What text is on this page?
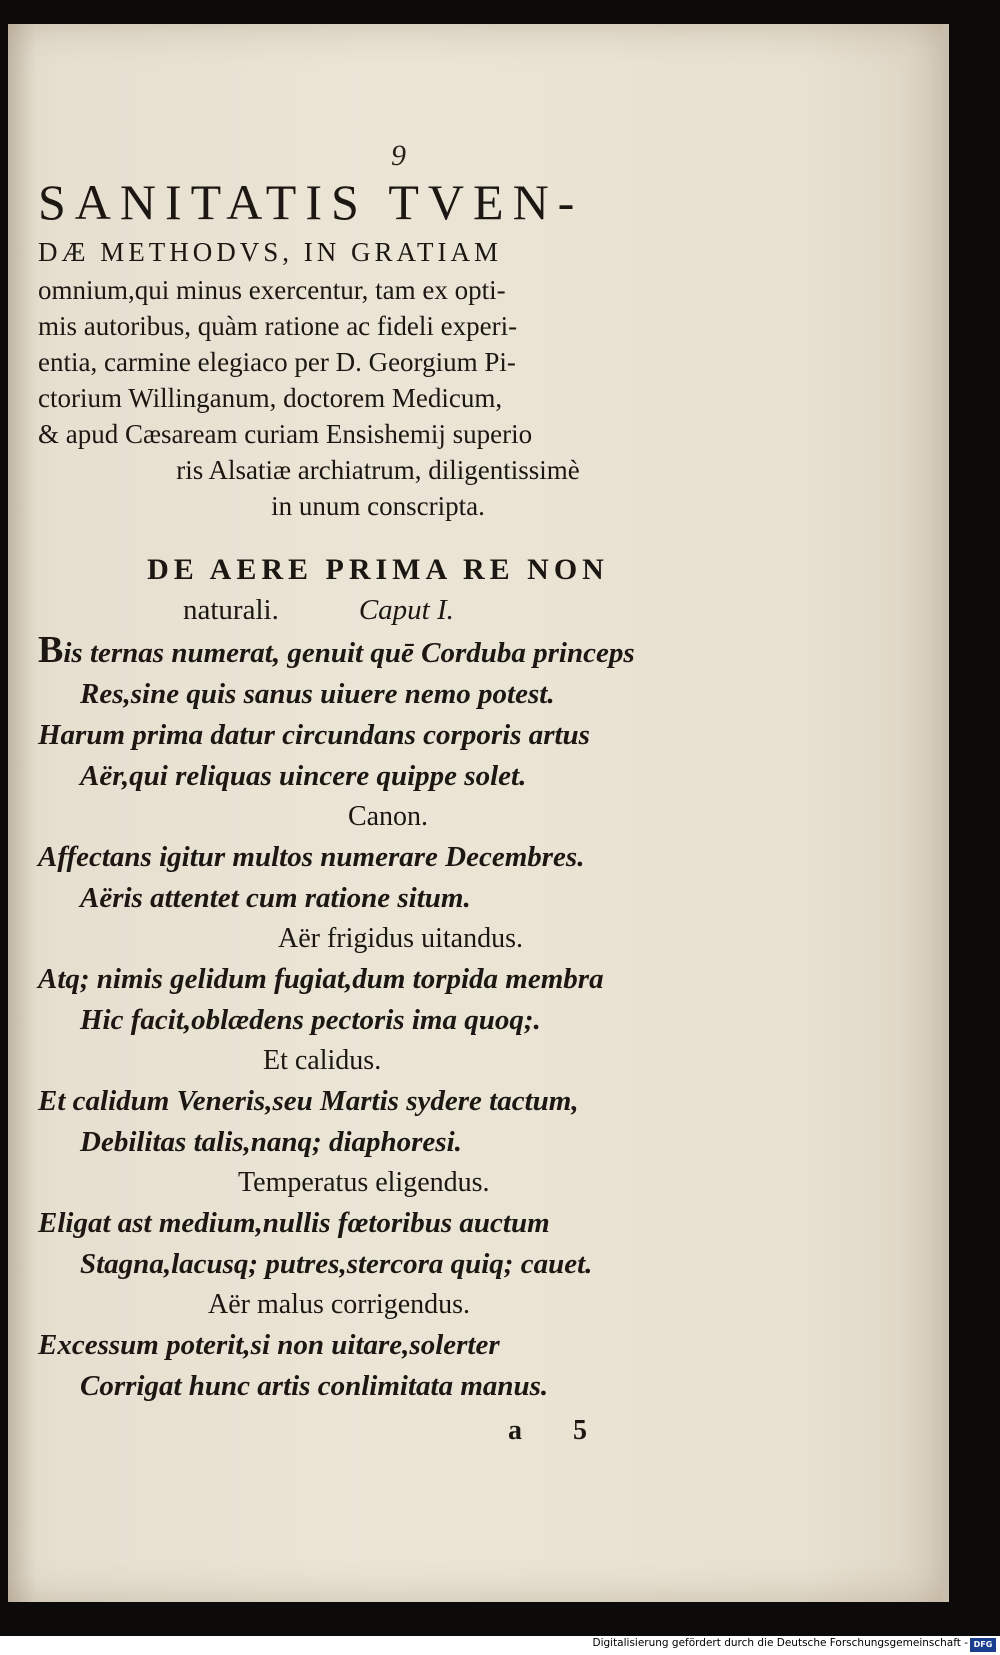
9
SANITATIS TVEN-
DÆ METHODVS, IN GRATIAM
omnium,qui minus exercentur, tam ex opti-
mis autoribus, quàm ratione ac fideli experi-
entia, carmine elegiaco per D. Georgium Pi-
ctorium Willinganum, doctorem Medicum,
& apud Cæsaream curiam Ensishemij superio
ris Alsatiæ archiatrum, diligentissimè
in unum conscripta.
DE AERE PRIMA RE NON
naturali.	Caput I.
Bis ternas numerat, genuit quē Corduba princeps
Res,sine quis sanus uiuere nemo potest.
Harum prima datur circundans corporis artus
Aër,qui reliquas uincere quippe solet.
Canon.
Affectans igitur multos numerare Decembres.
Aëris attentet cum ratione situm.
Aër frigidus uitandus.
Atq; nimis gelidum fugiat,dum torpida membra
Hic facit,oblædens pectoris ima quoq;.
Et calidus.
Et calidum Veneris,seu Martis sydere tactum,
Debilitas talis,nanq; diaphoresi.
Temperatus eligendus.
Eligat ast medium,nullis fœtoribus auctum
Stagna,lacusq; putres,stercora quiq; cauet.
Aër malus corrigendus.
Excessum poterit,si non uitare,solerter
Corrigat hunc artis conlimitata manus.
a 5
Digitalisierung gefördert durch die Deutsche Forschungsgemeinschaft - DFG
